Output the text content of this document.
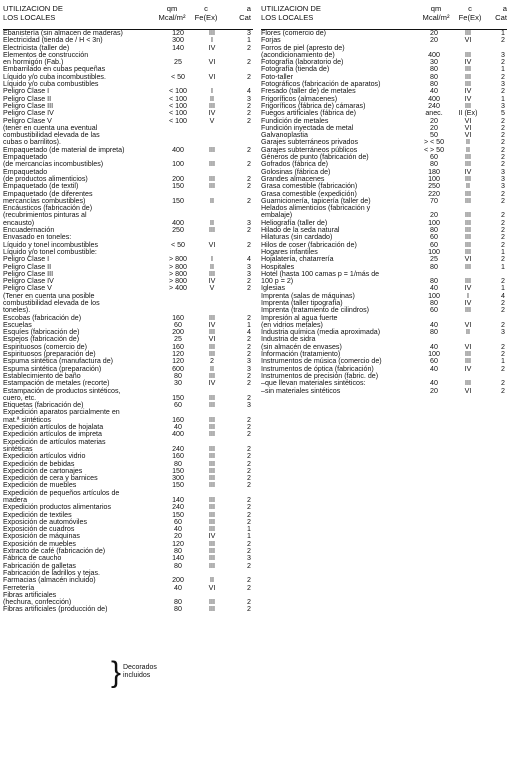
UTILIZACION DE
LOS LOCALES
qm
Mcal/m²
c
Fe(Ex)
a
Cat
} Decorados
incluidos
Ebanistería (sin almacen de maderas)	120	III	3
Electricidad (tienda de / H < 3n)	300	I	1
Electricista (taller de)	140	IV	2
Elementos de construcción
en hormigón (Fab.)	25	VI	2
Embarrilado en cubas pequeñas
Líquido y/o cuba incombustibles.	< 50	VI	2
Líquido y/o cuba combustibles
Peligro Clase I	< 100	I	4
Peligro Clase II	< 100	II	3
Peligro Clase III	< 100	III	2
Peligro Clase IV	< 100	IV	2
Peligro Clase V	< 100	V	2
(tener en cuenta una eventual
combustibilidad elevada de las
cubas o barrilitos).
Empaquetado (de material de impreta)	400	III	2
Empaquetado
(de mercancías incombustibles)	100	III	2
Empaquetado
(de productos alimenticios)	200	III	2
Empaquetado (de textil)	150	III	2
Empaquetado (de diferentes
mercancías combustibles)	150	II	2
Encáusticos (fabricación de)
(recubrimientos pinturas al
encausto)	400	II	3
Encuadernación	250	III	2
Envasado en toneles:
Líquido y tonel incombustibles	< 50	VI	2
Líquido y/o tonel combustible:
Peligro Clase I	> 800	I	4
Peligro Clase II	> 800	II	3
Peligro Clase III	> 800	III	3
Peligro Clase IV	> 800	IV	2
Peligro Clase V	> 400	V	2
(Tener en cuenta una posible
combustibilidad elevada de los
toneles).
Escobas (fabricación de)	160	III	2
Escuelas	60	IV	1
Esquíes (fabricación de)	200	III	4
Espejos (fabricación de)	25	VI	2
Espirituosos (comercio de)	160	III	2
Espirituosos (preparación de)	120	III	2
Espuma sintética (manufactura de)	120	2	3
Espuma sintética (preparación)	600	II	3
Establecimiento de baño	80	III	2
Estampación de metales (recorte)	30	IV	2
Estampación de productos sintéticos,
cuero, etc.	150	III	2
Etiquetas (fabricación de)	60	III	3
Expedición aparatos parcialmente en
mat.ª sintéticos	160	III	2
Expedición artículos de hojalata	40	III	2
Expedición artículos de impreta	400	III	2
Expedición de artículos materias
sintéticas	240	III	2
Expedición artículos vidrio	160	III	2
Expedición de bebidas	80	III	2
Expedición de cartonajes	150	III	2
Expedición de cera y barnices	300	III	2
Expedición de muebles	150	III	2
Expedición de pequeños artículos de
madera	140	III	2
Expedición productos alimentarios	240	III	2
Expedición de textiles	150	III	2
Exposición de automóviles	60	III	2
Exposición de cuadros	40	III	1
Exposición de máquinas	20	IV	1
Exposición de muebles	120	III	2
Extracto de café (fabricación de)	80	III	2
Fábrica de caucho	140	III	3
Fabricación de galletas	80	III	2
Fabricación de ladrillos y tejas.
Farmacias (almacén incluido)	200	II	2
Ferretería	40	VI	2
Fibras artificiales
(hechura, confección)	80	III	2
Fibras artificiales (producción de)	80	III	2
UTILIZACION DE
LOS LOCALES
qm
Mcal/m²
c
Fe(Ex)
a
Cat
Flores (comercio de)	20	III	1
Forjas	20	VI	2
Forros de piel (apresto de)
(acondicionamiento de)	400	III	3
Fotografía (laboratorio de)	30	IV	2
Fotografía (tienda de)	80	III	1
Foto-taller	80	III	2
Fotográficos (fabricación de aparatos)	80	III	3
Fresado (taller de) de metales	40	IV	2
Frigoríficos (almacenes)	400	IV	1
Frigoríficos (fábrica de) cámaras)	240	III	3
Fuegos artificiales (fábrica de)	anec.	II (Ex)	5
Fundición de metales	20	VI	2
Fundición inyectada de metal	20	VI	2
Galvanoplastia	50	VI	2
Garajes subterráneos privados	> < 50	II	2
Garajes subterráneos públicos	< > 50	II	2
Géneros de punto (fabricación de)	60	III	2
Gofrados (fábrica de)	80	III	2
Golosinas (fábrica de)	180	IV	3
Grandes almacenes	100	III	3
Grasa comestible (fabricación)	250	II	3
Grasa comestible (expedición)	220	III	2
Guarnicionería, tapicería (taller de)	70	III	2
Helados alimenticios (fabricación y
embalaje)	20	III	2
Heliografía (taller de)	100	III	2
Hilado de la seda natural	80	III	2
Hilaturas (sin cardado)	60	III	2
Hilos de coser (fabricación de)	60	III	2
Hogares infantiles	100	III	1
Hojalatería, chatarrería	25	VI	2
Hospitales	80	III	1
Hotel (hasta 100 camas p = 1/más de
100 p = 2)	80	III	2
Iglesias	40	IV	1
Imprenta (salas de máquinas)	100	I	4
Imprenta (taller tipografía)	80	IV	2
Imprenta (tratamiento de cilindros)	60	III	2
Impresión al agua fuerte
(en vidrios metales)	40	VI	2
Industria química (media aproximada)	80	II	3
Industria de sidra
(sin almacén de envases)	40	VI	2
Información (tratamiento)	100	III	2
Instrumentos de música (comercio de)	60	III	1
Instrumentos de óptica (fabricación)	40	IV	2
Instrumentos de precisión (fabric. de)
–que llevan materiales sintéticos:	40	III	2
–sin materiales sintéticos	20	VI	2
